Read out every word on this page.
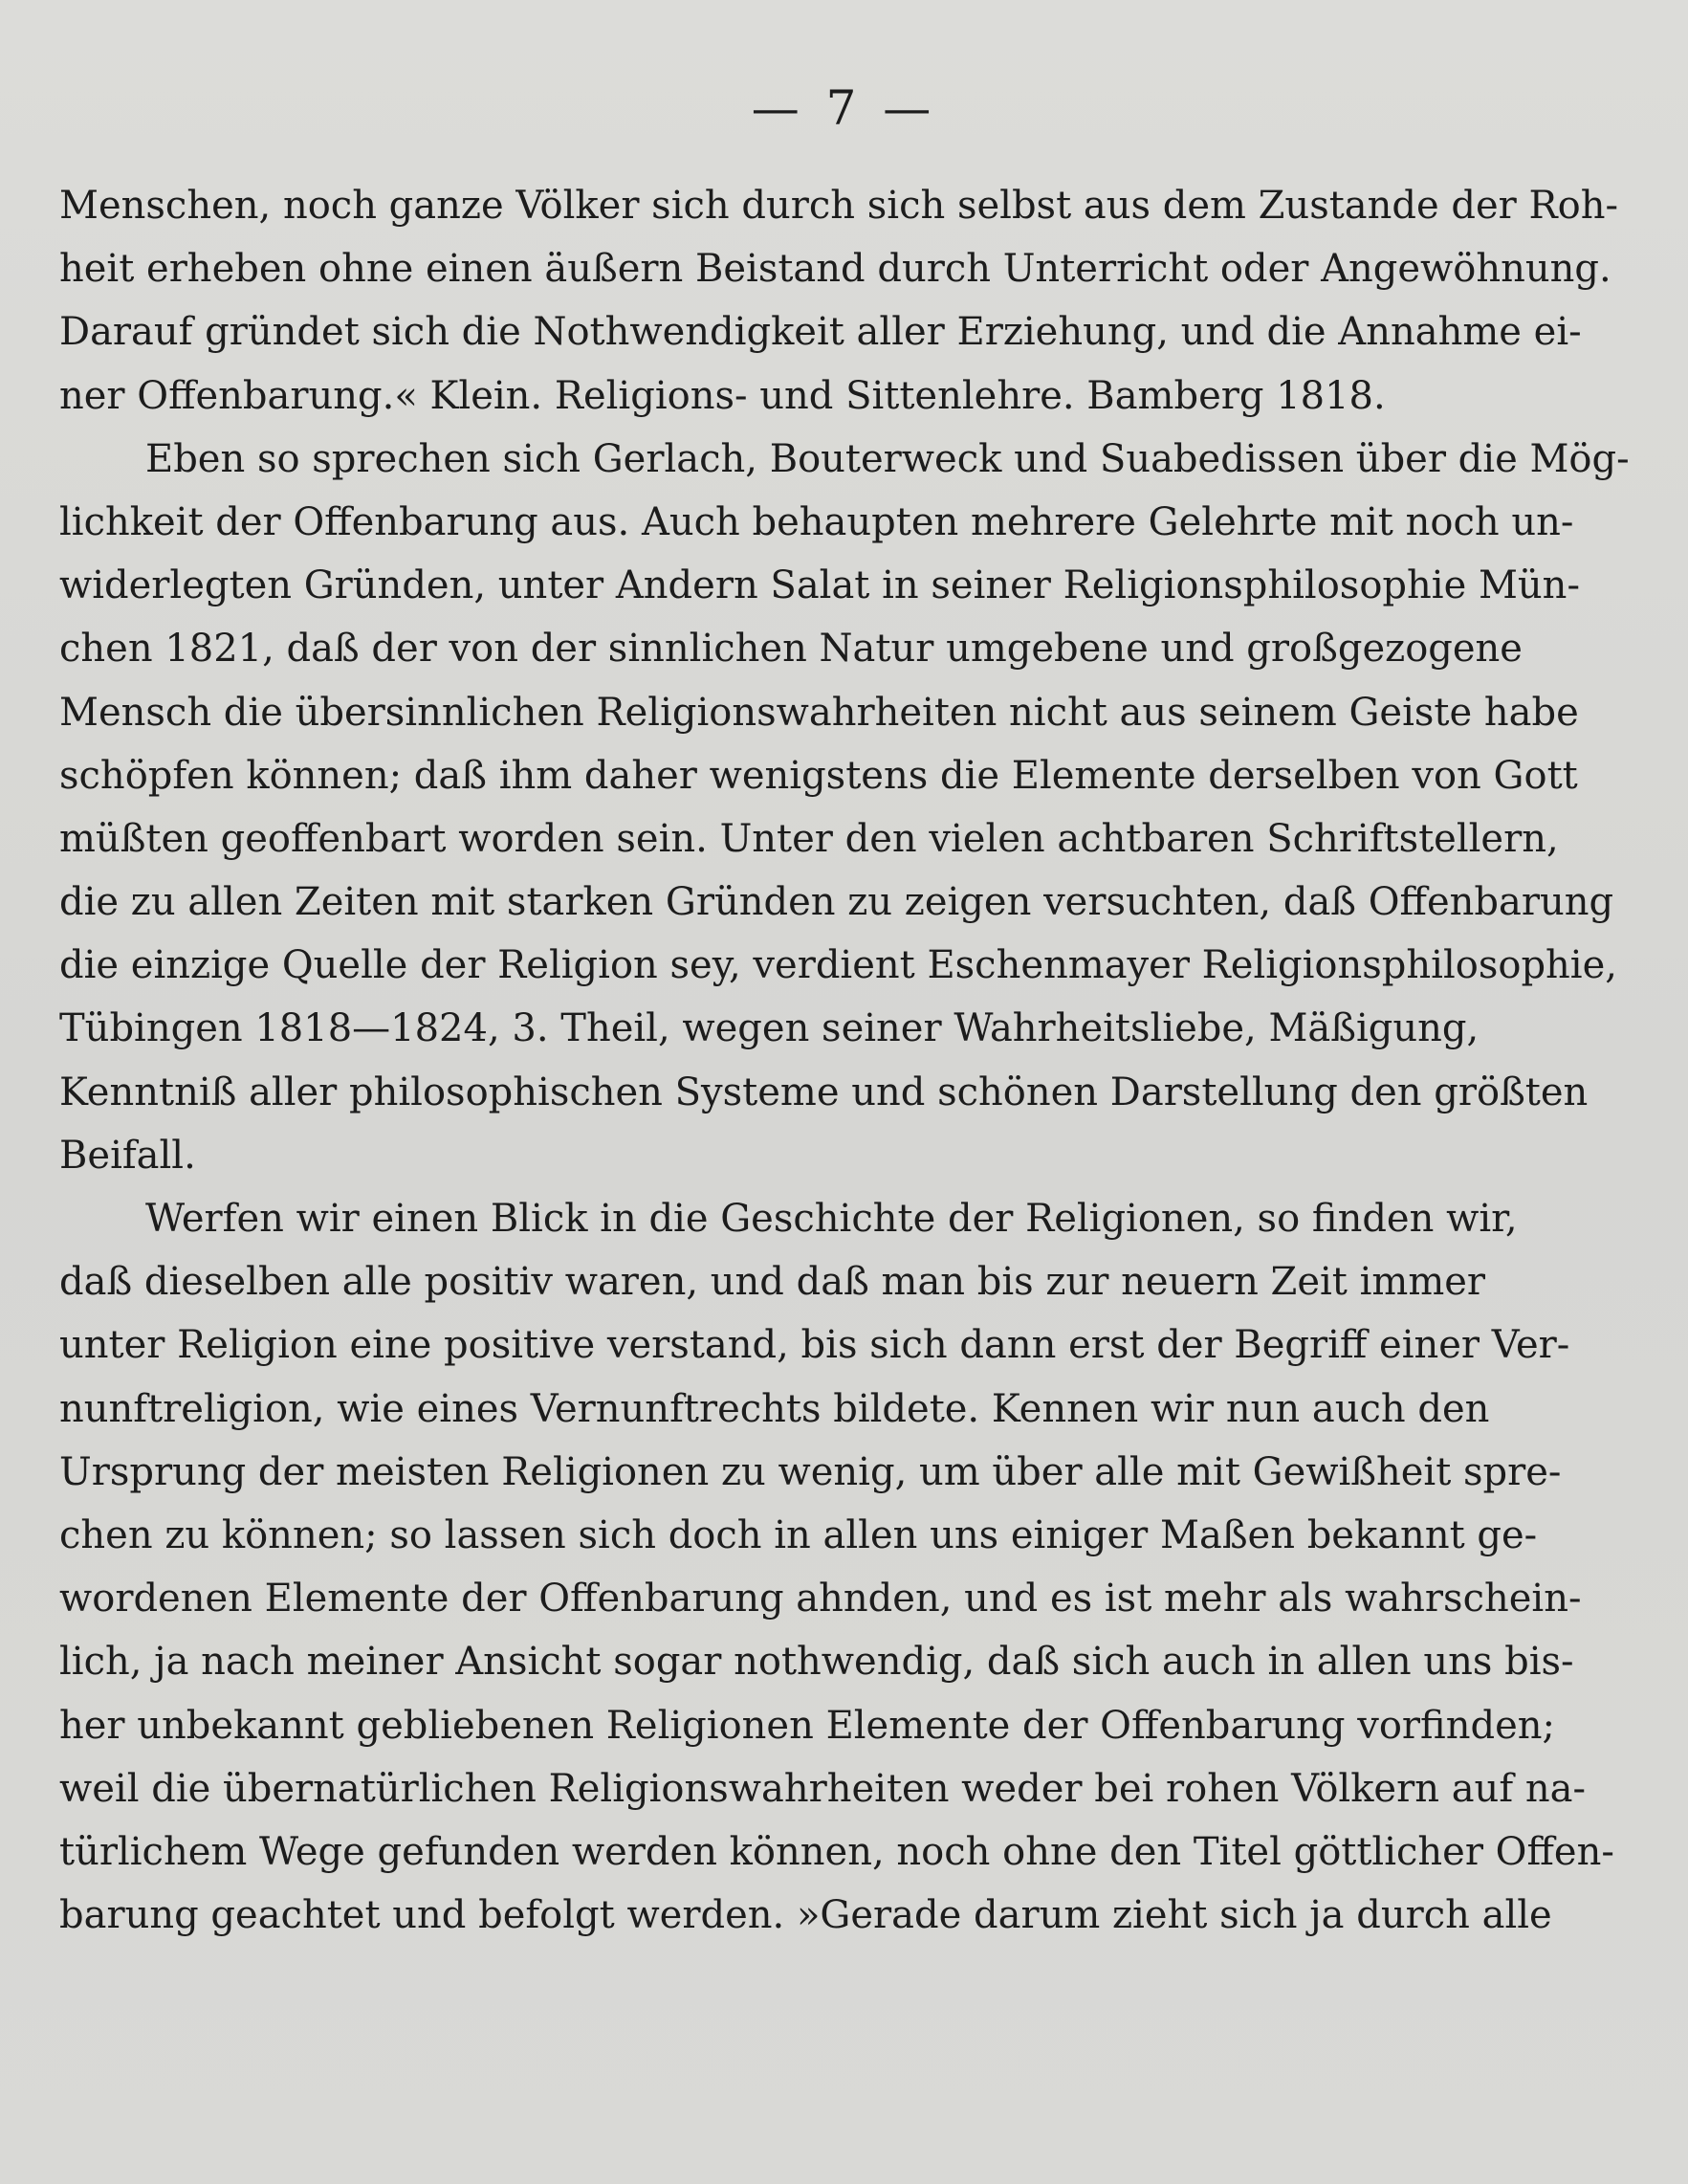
— 7 —
Menschen, noch ganze Völker sich durch sich selbst aus dem Zustande der Roh-
heit erheben ohne einen äußern Beistand durch Unterricht oder Angewöhnung.
Darauf gründet sich die Nothwendigkeit aller Erziehung, und die Annahme ei-
ner Offenbarung.« Klein. Religions- und Sittenlehre. Bamberg 1818.
Eben so sprechen sich Gerlach, Bouterweck und Suabedissen über die Mög-
lichkeit der Offenbarung aus. Auch behaupten mehrere Gelehrte mit noch un-
widerlegten Gründen, unter Andern Salat in seiner Religionsphilosophie Mün-
chen 1821, daß der von der sinnlichen Natur umgebene und großgezogene
Mensch die übersinnlichen Religionswahrheiten nicht aus seinem Geiste habe
schöpfen können; daß ihm daher wenigstens die Elemente derselben von Gott
müßten geoffenbart worden sein. Unter den vielen achtbaren Schriftstellern,
die zu allen Zeiten mit starken Gründen zu zeigen versuchten, daß Offenbarung
die einzige Quelle der Religion sey, verdient Eschenmayer Religionsphilosophie,
Tübingen 1818—1824, 3. Theil, wegen seiner Wahrheitsliebe, Mäßigung,
Kenntniß aller philosophischen Systeme und schönen Darstellung den größten
Beifall.
Werfen wir einen Blick in die Geschichte der Religionen, so finden wir,
daß dieselben alle positiv waren, und daß man bis zur neuern Zeit immer
unter Religion eine positive verstand, bis sich dann erst der Begriff einer Ver-
nunftreligion, wie eines Vernunftrechts bildete. Kennen wir nun auch den
Ursprung der meisten Religionen zu wenig, um über alle mit Gewißheit spre-
chen zu können; so lassen sich doch in allen uns einiger Maßen bekannt ge-
wordenen Elemente der Offenbarung ahnden, und es ist mehr als wahrschein-
lich, ja nach meiner Ansicht sogar nothwendig, daß sich auch in allen uns bis-
her unbekannt gebliebenen Religionen Elemente der Offenbarung vorfinden;
weil die übernatürlichen Religionswahrheiten weder bei rohen Völkern auf na-
türlichem Wege gefunden werden können, noch ohne den Titel göttlicher Offen-
barung geachtet und befolgt werden. »Gerade darum zieht sich ja durch alle
